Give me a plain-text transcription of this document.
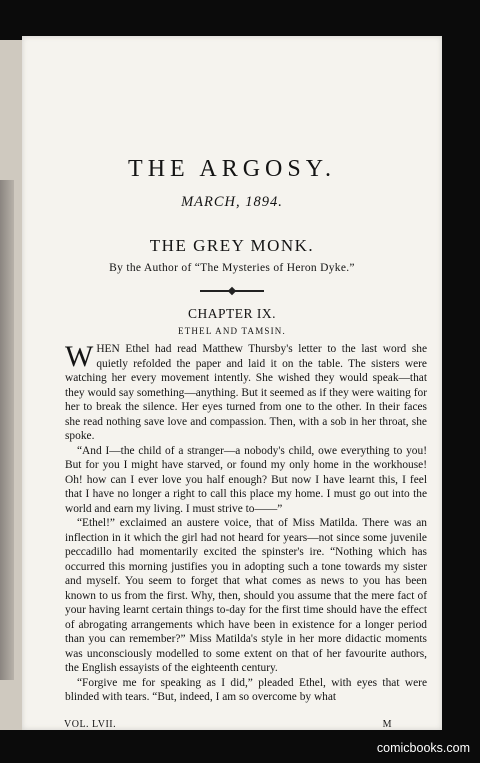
THE ARGOSY.
MARCH, 1894.
THE GREY MONK.
By the Author of “The Mysteries of Heron Dyke.”
CHAPTER IX.
ETHEL AND TAMSIN.

WHEN Ethel had read Matthew Thursby's letter to the last word she quietly refolded the paper and laid it on the table. The sisters were watching her every movement intently. She wished they would speak—that they would say something—anything. But it seemed as if they were waiting for her to break the silence. Her eyes turned from one to the other. In their faces she read nothing save love and compassion. Then, with a sob in her throat, she spoke.

“And I—the child of a stranger—a nobody's child, owe everything to you! But for you I might have starved, or found my only home in the workhouse! Oh! how can I ever love you half enough? But now I have learnt this, I feel that I have no longer a right to call this place my home. I must go out into the world and earn my living. I must strive to——”

“Ethel!” exclaimed an austere voice, that of Miss Matilda. There was an inflection in it which the girl had not heard for years—not since some juvenile peccadillo had momentarily excited the spinster's ire. “Nothing which has occurred this morning justifies you in adopting such a tone towards my sister and myself. You seem to forget that what comes as news to you has been known to us from the first. Why, then, should you assume that the mere fact of your having learnt certain things to-day for the first time should have the effect of abrogating arrangements which have been in existence for a longer period than you can remember?” Miss Matilda's style in her more didactic moments was unconsciously modelled to some extent on that of her favourite authors, the English essayists of the eighteenth century.

“Forgive me for speaking as I did,” pleaded Ethel, with eyes that were blinded with tears. “But, indeed, I am so overcome by what

VOL. LVII.	M
comicbooks.com
